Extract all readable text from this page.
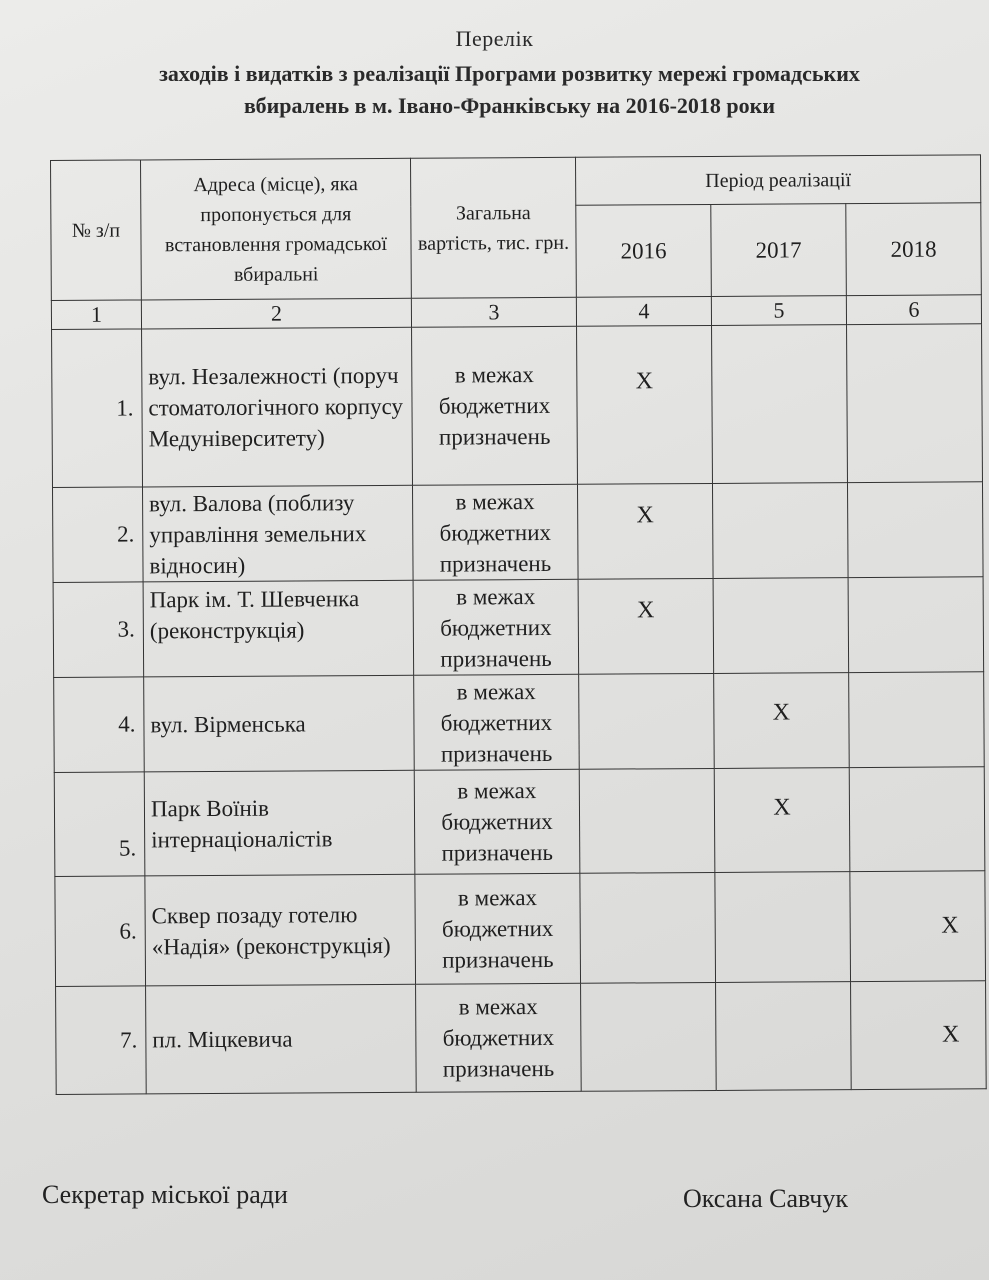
Перелік
заходів і видатків з реалізації Програми розвитку мережі громадських
вбиралень в м. Івано-Франківську на 2016-2018 роки
№ з/п	Адреса (місце), яка пропонується для встановлення громадської вбиральні	Загальна вартість, тис. грн.	Період реалізації		
			2016	2017	2018
1	2	3	4	5	6
1.	вул. Незалежності (поруч стоматологічного корпусу Медуніверситету)	в межах бюджетних призначень	Х		
2.	вул. Валова (поблизу управління земельних відносин)	в межах бюджетних призначень	Х		
3.	Парк ім. Т. Шевченка (реконструкція)	в межах бюджетних призначень	Х		
4.	вул. Вірменська	в межах бюджетних призначень		Х	
5.	Парк Воїнів інтернаціоналістів	в межах бюджетних призначень		Х	
6.	Сквер позаду готелю «Надія» (реконструкція)	в межах бюджетних призначень			Х
7.	пл. Міцкевича	в межах бюджетних призначень			Х
Секретар міської ради	Оксана Савчук
